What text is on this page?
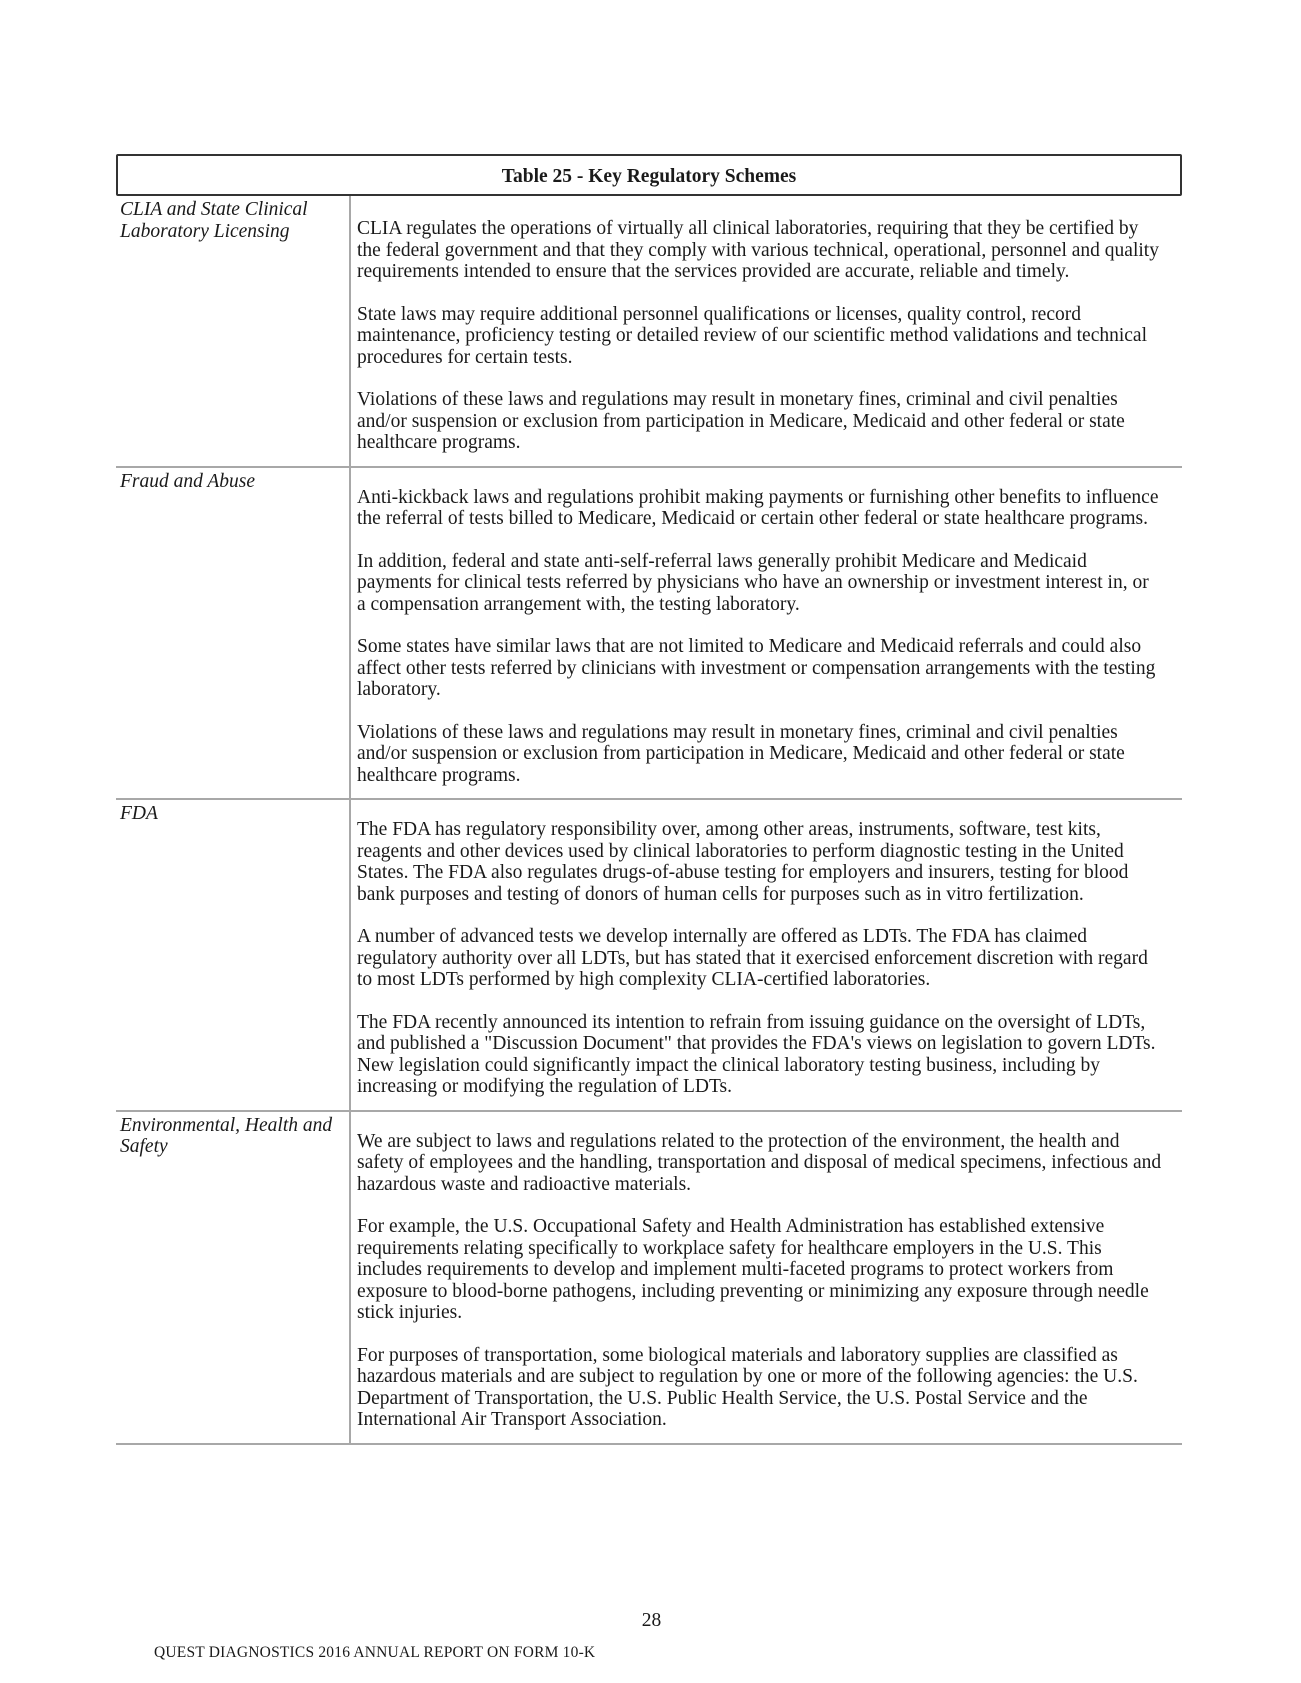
Table 25 - Key Regulatory Schemes
CLIA and State Clinical Laboratory Licensing	CLIA regulates the operations of virtually all clinical laboratories, requiring that they be certified by the federal government and that they comply with various technical, operational, personnel and quality requirements intended to ensure that the services provided are accurate, reliable and timely.

State laws may require additional personnel qualifications or licenses, quality control, record maintenance, proficiency testing or detailed review of our scientific method validations and technical procedures for certain tests.

Violations of these laws and regulations may result in monetary fines, criminal and civil penalties and/or suspension or exclusion from participation in Medicare, Medicaid and other federal or state healthcare programs.

Fraud and Abuse

Anti-kickback laws and regulations prohibit making payments or furnishing other benefits to influence the referral of tests billed to Medicare, Medicaid or certain other federal or state healthcare programs.

In addition, federal and state anti-self-referral laws generally prohibit Medicare and Medicaid payments for clinical tests referred by physicians who have an ownership or investment interest in, or a compensation arrangement with, the testing laboratory.

Some states have similar laws that are not limited to Medicare and Medicaid referrals and could also affect other tests referred by clinicians with investment or compensation arrangements with the testing laboratory.

Violations of these laws and regulations may result in monetary fines, criminal and civil penalties and/or suspension or exclusion from participation in Medicare, Medicaid and other federal or state healthcare programs.

FDA

The FDA has regulatory responsibility over, among other areas, instruments, software, test kits, reagents and other devices used by clinical laboratories to perform diagnostic testing in the United States. The FDA also regulates drugs-of-abuse testing for employers and insurers, testing for blood bank purposes and testing of donors of human cells for purposes such as in vitro fertilization.

A number of advanced tests we develop internally are offered as LDTs. The FDA has claimed regulatory authority over all LDTs, but has stated that it exercised enforcement discretion with regard to most LDTs performed by high complexity CLIA-certified laboratories.

The FDA recently announced its intention to refrain from issuing guidance on the oversight of LDTs, and published a "Discussion Document" that provides the FDA's views on legislation to govern LDTs. New legislation could significantly impact the clinical laboratory testing business, including by increasing or modifying the regulation of LDTs.

Environmental, Health and Safety	We are subject to laws and regulations related to the protection of the environment, the health and safety of employees and the handling, transportation and disposal of medical specimens, infectious and hazardous waste and radioactive materials.

For example, the U.S. Occupational Safety and Health Administration has established extensive requirements relating specifically to workplace safety for healthcare employers in the U.S. This includes requirements to develop and implement multi-faceted programs to protect workers from exposure to blood-borne pathogens, including preventing or minimizing any exposure through needle stick injuries.

For purposes of transportation, some biological materials and laboratory supplies are classified as hazardous materials and are subject to regulation by one or more of the following agencies: the U.S. Department of Transportation, the U.S. Public Health Service, the U.S. Postal Service and the International Air Transport Association.

28
QUEST DIAGNOSTICS 2016 ANNUAL REPORT ON FORM 10-K
